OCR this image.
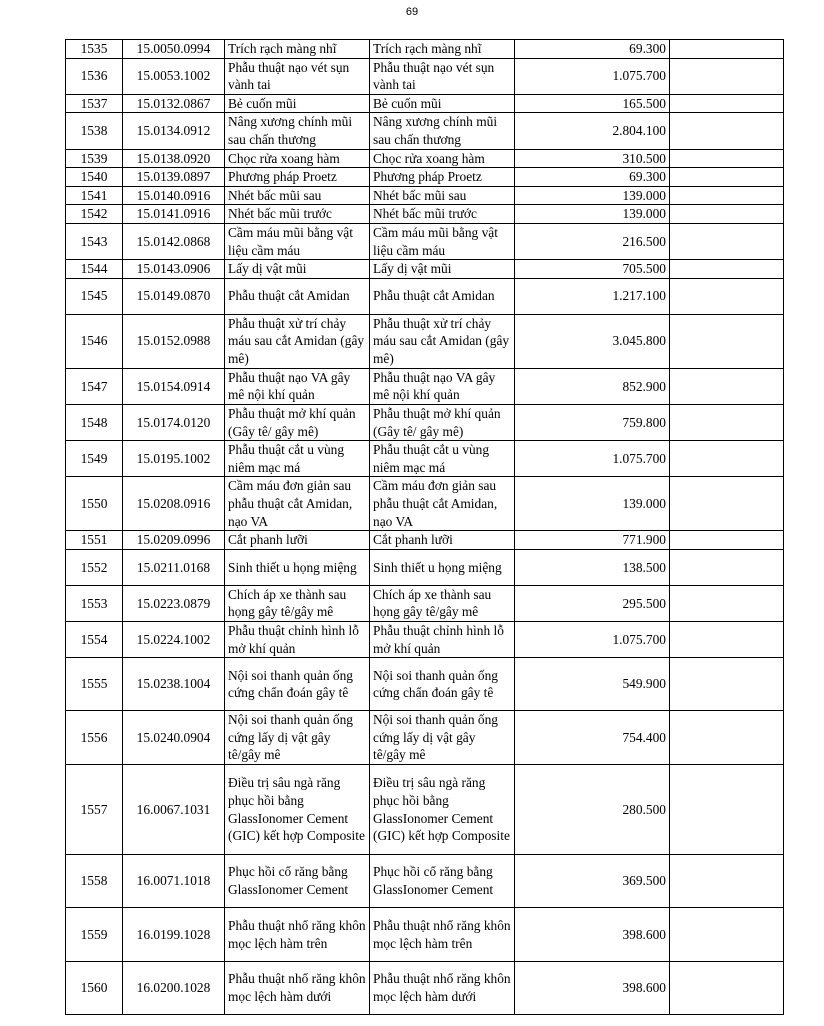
69
1535	15.0050.0994	Trích rạch màng nhĩ	Trích rạch màng nhĩ	69.300	
1536	15.0053.1002	Phẫu thuật nạo vét sụn vành tai	Phẫu thuật nạo vét sụn vành tai	1.075.700	
1537	15.0132.0867	Bẻ cuốn mũi	Bẻ cuốn mũi	165.500	
1538	15.0134.0912	Nâng xương chính mũi sau chấn thương	Nâng xương chính mũi sau chấn thương	2.804.100	
1539	15.0138.0920	Chọc rửa xoang hàm	Chọc rửa xoang hàm	310.500	
1540	15.0139.0897	Phương pháp Proetz	Phương pháp Proetz	69.300	
1541	15.0140.0916	Nhét bấc mũi sau	Nhét bấc mũi sau	139.000	
1542	15.0141.0916	Nhét bấc mũi trước	Nhét bấc mũi trước	139.000	
1543	15.0142.0868	Cầm máu mũi bằng vật liệu cầm máu	Cầm máu mũi bằng vật liệu cầm máu	216.500	
1544	15.0143.0906	Lấy dị vật mũi	Lấy dị vật mũi	705.500	
1545	15.0149.0870	Phẫu thuật cắt Amidan	Phẫu thuật cắt Amidan	1.217.100	
1546	15.0152.0988	Phẫu thuật xử trí chảy máu sau cắt Amidan (gây mê)	Phẫu thuật xử trí chảy máu sau cắt Amidan (gây mê)	3.045.800	
1547	15.0154.0914	Phẫu thuật nạo VA gây mê nội khí quản	Phẫu thuật nạo VA gây mê nội khí quản	852.900	
1548	15.0174.0120	Phẫu thuật mở khí quản (Gây tê/ gây mê)	Phẫu thuật mở khí quản (Gây tê/ gây mê)	759.800	
1549	15.0195.1002	Phẫu thuật cắt u vùng niêm mạc má	Phẫu thuật cắt u vùng niêm mạc má	1.075.700	
1550	15.0208.0916	Cầm máu đơn giản sau phẫu thuật cắt Amidan, nạo VA	Cầm máu đơn giản sau phẫu thuật cắt Amidan, nạo VA	139.000	
1551	15.0209.0996	Cắt phanh lưỡi	Cắt phanh lưỡi	771.900	
1552	15.0211.0168	Sinh thiết u họng miệng	Sinh thiết u họng miệng	138.500	
1553	15.0223.0879	Chích áp xe thành sau họng gây tê/gây mê	Chích áp xe thành sau họng gây tê/gây mê	295.500	
1554	15.0224.1002	Phẫu thuật chỉnh hình lỗ mở khí quản	Phẫu thuật chỉnh hình lỗ mở khí quản	1.075.700	
1555	15.0238.1004	Nội soi thanh quản ống cứng chẩn đoán gây tê	Nội soi thanh quản ống cứng chẩn đoán gây tê	549.900	
1556	15.0240.0904	Nội soi thanh quản ống cứng lấy dị vật gây tê/gây mê	Nội soi thanh quản ống cứng lấy dị vật gây tê/gây mê	754.400	
1557	16.0067.1031	Điều trị sâu ngà răng phục hồi bằng GlassIonomer Cement (GIC) kết hợp Composite	Điều trị sâu ngà răng phục hồi bằng GlassIonomer Cement (GIC) kết hợp Composite	280.500	
1558	16.0071.1018	Phục hồi cổ răng bằng GlassIonomer Cement	Phục hồi cổ răng bằng GlassIonomer Cement	369.500	
1559	16.0199.1028	Phẫu thuật nhổ răng khôn mọc lệch hàm trên	Phẫu thuật nhổ răng khôn mọc lệch hàm trên	398.600	
1560	16.0200.1028	Phẫu thuật nhổ răng khôn mọc lệch hàm dưới	Phẫu thuật nhổ răng khôn mọc lệch hàm dưới	398.600	
